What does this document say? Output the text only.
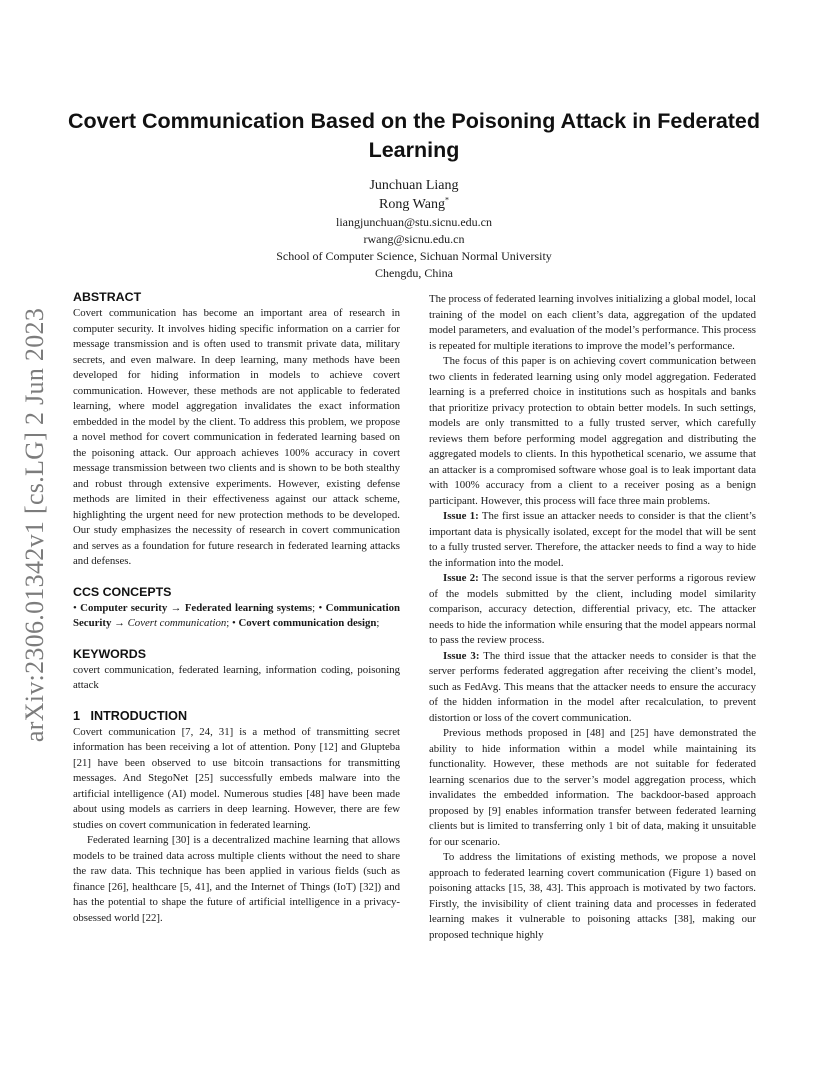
Covert Communication Based on the Poisoning Attack in Federated Learning
Junchuan Liang
Rong Wang*
liangjunchuan@stu.sicnu.edu.cn
rwang@sicnu.edu.cn
School of Computer Science, Sichuan Normal University
Chengdu, China
arXiv:2306.01342v1 [cs.LG] 2 Jun 2023
ABSTRACT

Covert communication has become an important area of research in computer security. It involves hiding specific information on a carrier for message transmission and is often used to transmit private data, military secrets, and even malware. In deep learning, many methods have been developed for hiding information in models to achieve covert communication. However, these methods are not applicable to federated learning, where model aggregation invalidates the exact information embedded in the model by the client. To address this problem, we propose a novel method for covert communication in federated learning based on the poisoning attack. Our approach achieves 100% accuracy in covert message transmission between two clients and is shown to be both stealthy and robust through extensive experiments. However, existing defense methods are limited in their effectiveness against our attack scheme, highlighting the urgent need for new protection methods to be developed. Our study emphasizes the necessity of research in covert communication and serves as a foundation for future research in federated learning attacks and defenses.

CCS CONCEPTS

• Computer security → Federated learning systems; • Communication Security → Covert communication; • Covert communication design;

KEYWORDS

covert communication, federated learning, information coding, poisoning attack

1   INTRODUCTION

Covert communication [7, 24, 31] is a method of transmitting secret information has been receiving a lot of attention. Pony [12] and Glupteba [21] have been observed to use bitcoin transactions for transmitting messages. And StegoNet [25] successfully embeds malware into the artificial intelligence (AI) model. Numerous studies [48] have been made about using models as carriers in deep learning. However, there are few studies on covert communication in federated learning.

Federated learning [30] is a decentralized machine learning that allows models to be trained data across multiple clients without the need to share the raw data. This technique has been applied in various fields (such as finance [26], healthcare [5, 41], and the Internet of Things (IoT) [32]) and has the potential to shape the future of artificial intelligence in a privacy-obsessed world [22].

The process of federated learning involves initializing a global model, local training of the model on each client’s data, aggregation of the updated model parameters, and evaluation of the model’s performance. This process is repeated for multiple iterations to improve the model’s performance.

The focus of this paper is on achieving covert communication between two clients in federated learning using only model aggregation. Federated learning is a preferred choice in institutions such as hospitals and banks that prioritize privacy protection to obtain better models. In such settings, models are only transmitted to a fully trusted server, which carefully reviews them before performing model aggregation and distributing the aggregated models to clients. In this hypothetical scenario, we assume that an attacker is a compromised software whose goal is to leak important data with 100% accuracy from a client to a receiver posing as a benign participant. However, this process will face three main problems.

Issue 1: The first issue an attacker needs to consider is that the client’s important data is physically isolated, except for the model that will be sent to a fully trusted server. Therefore, the attacker needs to find a way to hide the information into the model.

Issue 2: The second issue is that the server performs a rigorous review of the models submitted by the client, including model similarity comparison, accuracy detection, differential privacy, etc. The attacker needs to hide the information while ensuring that the model appears normal to pass the review process.

Issue 3: The third issue that the attacker needs to consider is that the server performs federated aggregation after receiving the client’s model, such as FedAvg. This means that the attacker needs to ensure the accuracy of the hidden information in the model after recalculation, to prevent distortion or loss of the covert communication.

Previous methods proposed in [48] and [25] have demonstrated the ability to hide information within a model while maintaining its functionality. However, these methods are not suitable for federated learning scenarios due to the server’s model aggregation process, which invalidates the embedded information. The backdoor-based approach proposed by [9] enables information transfer between federated learning clients but is limited to transferring only 1 bit of data, making it unsuitable for our scenario.

To address the limitations of existing methods, we propose a novel approach to federated learning covert communication (Figure 1) based on poisoning attacks [15, 38, 43]. This approach is motivated by two factors. Firstly, the invisibility of client training data and processes in federated learning makes it vulnerable to poisoning attacks [38], making our proposed technique highly
